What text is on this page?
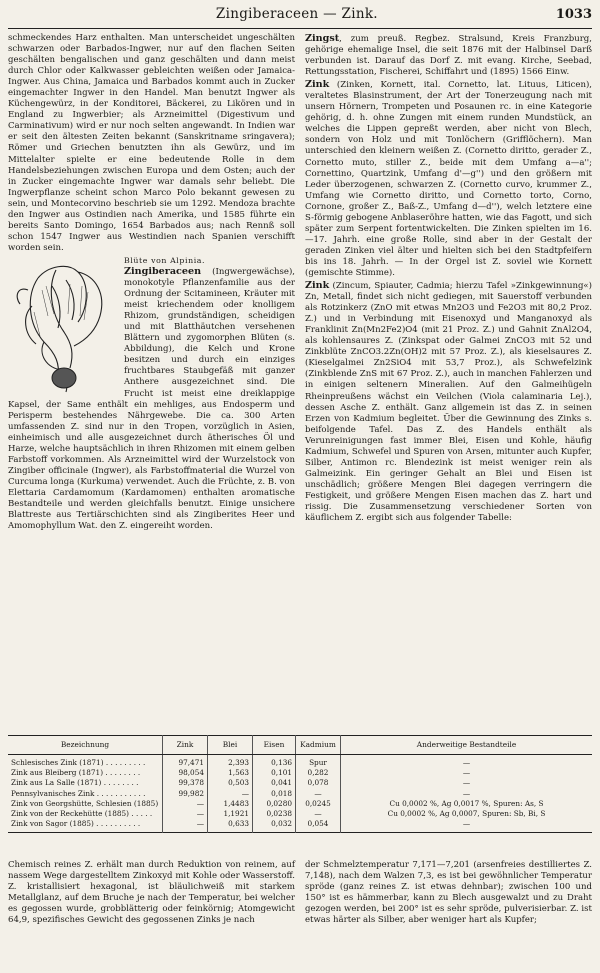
Zingiberaceen — Zink.	1033

schmeckendes Harz enthalten. Man unterscheidet ungeschälten schwarzen oder Barbados-Ingwer, nur auf den flachen Seiten geschälten bengalischen und ganz geschälten und dann meist durch Chlor oder Kalkwasser gebleichten weißen oder Jamaica-Ingwer. Aus China, Jamaica und Barbados kommt auch in Zucker eingemachter Ingwer in den Handel. Man benutzt Ingwer als Küchengewürz, in der Konditorei, Bäckerei, zu Likören und in England zu Ingwerbier; als Arzneimittel (Digestivum und Carminativum) wird er nur noch selten angewandt. In Indien war er seit den ältesten Zeiten bekannt (Sanskritname sringavera); Römer und Griechen benutzten ihn als Gewürz, und im Mittelalter spielte er eine bedeutende Rolle in dem Handelsbeziehungen zwischen Europa und dem Osten; auch der in Zucker eingemachte Ingwer war damals sehr beliebt. Die Ingwerpflanze scheint schon Marco Polo bekannt gewesen zu sein, und Montecorvino beschrieb sie um 1292. Mendoza brachte den Ingwer aus Ostindien nach Amerika, und 1585 führte ein bereits Santo Domingo, 1654 Barbados aus; nach Rennß soll schon 1547 Ingwer aus Westindien nach Spanien verschifft worden sein.

Blüte von Alpinia.
Zingiberaceen (Ingwergewächse), monokotyle Pflanzenfamilie aus der Ordnung der Scitamineen, Kräuter mit meist kriechendem oder knolligem Rhizom, grundständigen, scheidigen und mit Blatthäutchen versehenen Blättern und zygomorphen Blüten (s. Abbildung), die Kelch und Krone besitzen und durch ein einziges fruchtbares Staubgefäß mit ganzer Anthere ausgezeichnet sind. Die Frucht ist meist eine dreiklappige Kapsel, der Same enthält ein mehliges, aus Endosperm und Perisperm bestehendes Nährgewebe. Die ca. 300 Arten umfassenden Z. sind nur in den Tropen, vorzüglich in Asien, einheimisch und alle ausgezeichnet durch ätherisches Öl und Harze, welche hauptsächlich in ihren Rhizomen mit einem gelben Farbstoff vorkommen. Als Arzneimittel wird der Wurzelstock von Zingiber officinale (Ingwer), als Farbstoffmaterial die Wurzel von Curcuma longa (Kurkuma) verwendet. Auch die Früchte, z. B. von Elettaria Cardamomum (Kardamomen) enthalten aromatische Bestandteile und werden gleichfalls benutzt. Einige unsichere Blattreste aus Tertiärschichten sind als Zingiberites Heer und Amomophyllum Wat. den Z. eingereiht worden.

Zingst, zum preuß. Regbez. Stralsund, Kreis Franzburg, gehörige ehemalige Insel, die seit 1876 mit der Halbinsel Darß verbunden ist. Darauf das Dorf Z. mit evang. Kirche, Seebad, Rettungsstation, Fischerei, Schiffahrt und (1895) 1566 Einw.

Zink (Zinken, Kornett, ital. Cornetto, lat. Lituus, Liticen), veraltetes Blasinstrument, der Art der Tonerzeugung nach mit unsern Hörnern, Trompeten und Posaunen rc. in eine Kategorie gehörig, d. h. ohne Zungen mit einem runden Mundstück, an welches die Lippen gepreßt werden, aber nicht von Blech, sondern von Holz und mit Tonlöchern (Grifflöchern). Man unterschied den kleinern weißen Z. (Cornetto diritto, gerader Z., Cornetto muto, stiller Z., beide mit dem Umfang a—a''; Cornettino, Quartzink, Umfang d'—g'') und den größern mit Leder überzogenen, schwarzen Z. (Cornetto curvo, krummer Z., Umfang wie Cornetto diritto, und Cornetto torto, Corno, Cornone, großer Z., Baß-Z., Umfang d—d''), welch letztere eine S-förmig gebogene Anblaseröhre hatten, wie das Fagott, und sich später zum Serpent fortentwickelten. Die Zinken spielten im 16.—17. Jahrh. eine große Rolle, sind aber in der Gestalt der geraden Zinken viel älter und hielten sich bei den Stadtpfeifern bis ins 18. Jahrh. — In der Orgel ist Z. soviel wie Kornett (gemischte Stimme).

Zink (Zincum, Spiauter, Cadmia; hierzu Tafel »Zinkgewinnung«) Zn, Metall, findet sich nicht gediegen, mit Sauerstoff verbunden als Rotzinkerz (ZnO mit etwas Mn2O3 und Fe2O3 mit 80,2 Proz. Z.) und in Verbindung mit Eisenoxyd und Manganoxyd als Franklinit Zn(Mn2Fe2)O4 (mit 21 Proz. Z.) und Gahnit ZnAl2O4, als kohlensaures Z. (Zinkspat oder Galmei ZnCO3 mit 52 und Zinkblüte ZnCO3.2Zn(OH)2 mit 57 Proz. Z.), als kieselsaures Z. (Kieselgalmei Zn2SiO4 mit 53,7 Proz.), als Schwefelzink (Zinkblende ZnS mit 67 Proz. Z.), auch in manchen Fahlerzen und in einigen seltenern Mineralien. Auf den Galmeihügeln Rheinpreußens wächst ein Veilchen (Viola calaminaria Lej.), dessen Asche Z. enthält. Ganz allgemein ist das Z. in seinen Erzen von Kadmium begleitet. Über die Gewinnung des Zinks s. beifolgende Tafel. Das Z. des Handels enthält als Verunreinigungen fast immer Blei, Eisen und Kohle, häufig Kadmium, Schwefel und Spuren von Arsen, mitunter auch Kupfer, Silber, Antimon rc. Blendezink ist meist weniger rein als Galmeizink. Ein geringer Gehalt an Blei und Eisen ist unschädlich; größere Mengen Blei dagegen verringern die Festigkeit, und größere Mengen Eisen machen das Z. hart und rissig. Die Zusammensetzung verschiedener Sorten von käuflichem Z. ergibt sich aus folgender Tabelle:

Bezeichnung	Zink	Blei	Eisen	Kadmium	Anderweitige Bestandteile
Schlesisches Zink (1871) . . . . . . . . .	97,471	2,393	0,136	Spur	—
Zink aus Bleiberg (1871) . . . . . . . .	98,054	1,563	0,101	0,282	—
Zink aus La Salle (1871) . . . . . . . .	99,378	0,503	0,041	0,078	—
Pennsylvanisches Zink . . . . . . . . . . .	99,982	—	0,018	—	—
Zink von Georgshütte, Schlesien (1885)	—	1,4483	0,0280	0,0245	Cu 0,0002 %, Ag 0,0017 %, Spuren: As, S
Zink von der Reckehütte (1885) . . . . .	—	1,1921	0,0238	—	Cu 0,0002 %, Ag 0,0007, Spuren: Sb, Bi, S
Zink von Sagor (1885) . . . . . . . . . .	—	0,633	0,032	0,054	—

Chemisch reines Z. erhält man durch Reduktion von reinem, auf nassem Wege dargestelltem Zinkoxyd mit Kohle oder Wasserstoff. Z. kristallisiert hexagonal, ist bläulichweiß mit starkem Metallglanz, auf dem Bruche je nach der Temperatur, bei welcher es gegossen wurde, grobblätterig oder feinkörnig; Atomgewicht 64,9, spezifisches Gewicht des gegossenen Zinks je nach

der Schmelztemperatur 7,171—7,201 (arsenfreies destilliertes Z. 7,148), nach dem Walzen 7,3, es ist bei gewöhnlicher Temperatur spröde (ganz reines Z. ist etwas dehnbar); zwischen 100 und 150° ist es hämmerbar, kann zu Blech ausgewalzt und zu Draht gezogen werden, bei 200° ist es sehr spröde, pulverisierbar. Z. ist etwas härter als Silber, aber weniger hart als Kupfer;
